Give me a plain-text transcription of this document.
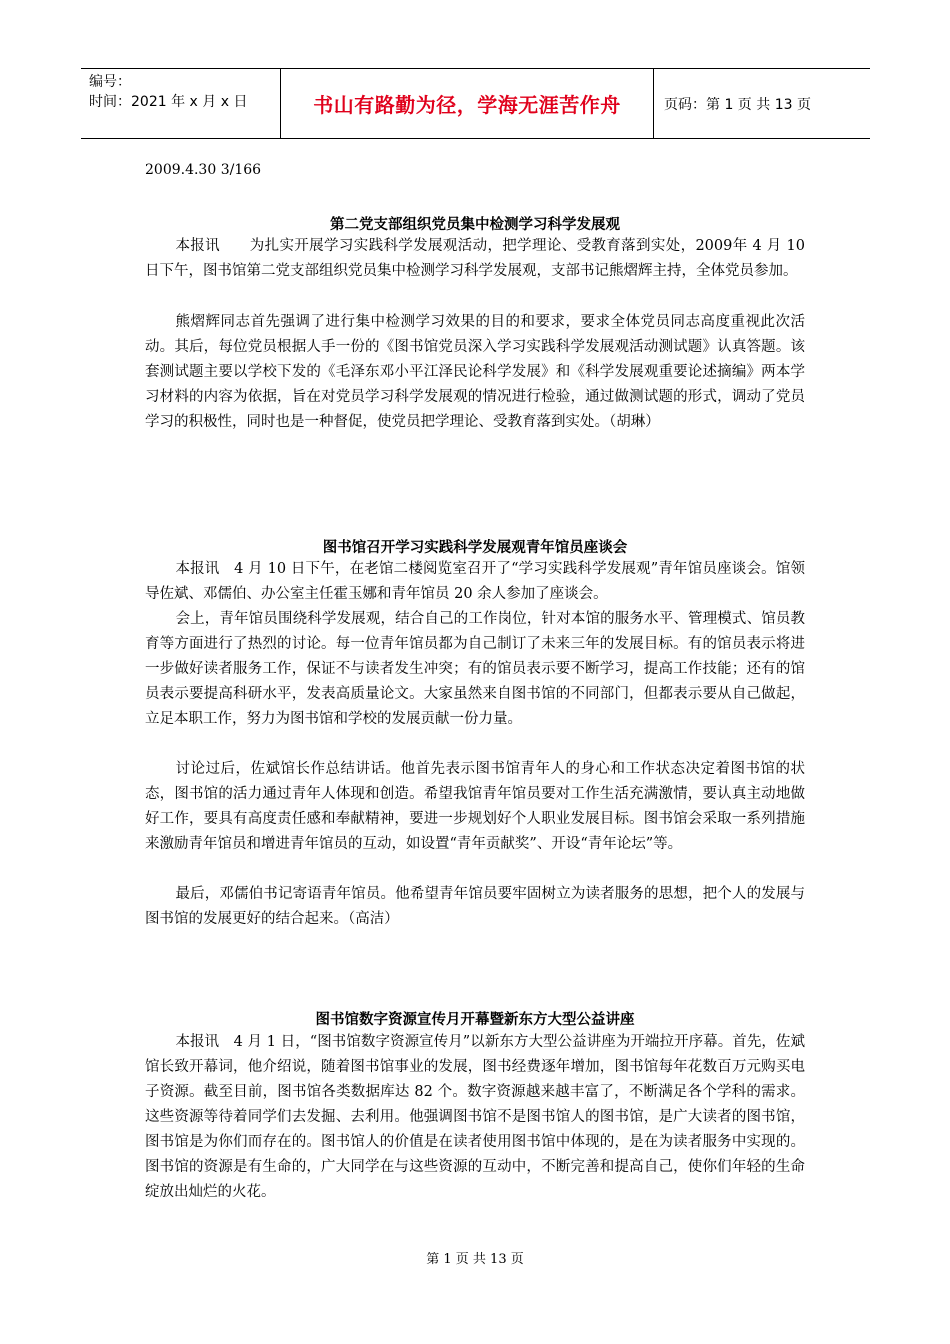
编号：
时间：2021 年 x 月 x 日	书山有路勤为径，学海无涯苦作舟	页码：第 1 页 共 13 页
2009.4.30 3/166
第二党支部组织党员集中检测学习科学发展观
本报讯　　为扎实开展学习实践科学发展观活动，把学理论、受教育落到实处，2009年 4 月 10 日下午，图书馆第二党支部组织党员集中检测学习科学发展观，支部书记熊熠辉主持，全体党员参加。
熊熠辉同志首先强调了进行集中检测学习效果的目的和要求，要求全体党员同志高度重视此次活动。其后，每位党员根据人手一份的《图书馆党员深入学习实践科学发展观活动测试题》认真答题。该套测试题主要以学校下发的《毛泽东邓小平江泽民论科学发展》和《科学发展观重要论述摘编》两本学习材料的内容为依据，旨在对党员学习科学发展观的情况进行检验，通过做测试题的形式，调动了党员学习的积极性，同时也是一种督促，使党员把学理论、受教育落到实处。（胡琳）
图书馆召开学习实践科学发展观青年馆员座谈会
本报讯　4 月 10 日下午，在老馆二楼阅览室召开了“学习实践科学发展观”青年馆员座谈会。馆领导佐斌、邓儒伯、办公室主任霍玉娜和青年馆员 20 余人参加了座谈会。
会上，青年馆员围绕科学发展观，结合自己的工作岗位，针对本馆的服务水平、管理模式、馆员教育等方面进行了热烈的讨论。每一位青年馆员都为自己制订了未来三年的发展目标。有的馆员表示将进一步做好读者服务工作，保证不与读者发生冲突；有的馆员表示要不断学习，提高工作技能；还有的馆员表示要提高科研水平，发表高质量论文。大家虽然来自图书馆的不同部门，但都表示要从自己做起，立足本职工作，努力为图书馆和学校的发展贡献一份力量。
讨论过后，佐斌馆长作总结讲话。他首先表示图书馆青年人的身心和工作状态决定着图书馆的状态，图书馆的活力通过青年人体现和创造。希望我馆青年馆员要对工作生活充满激情，要认真主动地做好工作，要具有高度责任感和奉献精神，要进一步规划好个人职业发展目标。图书馆会采取一系列措施来激励青年馆员和增进青年馆员的互动，如设置“青年贡献奖”、开设“青年论坛”等。
最后，邓儒伯书记寄语青年馆员。他希望青年馆员要牢固树立为读者服务的思想，把个人的发展与图书馆的发展更好的结合起来。（高洁）
图书馆数字资源宣传月开幕暨新东方大型公益讲座
本报讯　4 月 1 日，“图书馆数字资源宣传月”以新东方大型公益讲座为开端拉开序幕。首先，佐斌馆长致开幕词，他介绍说，随着图书馆事业的发展，图书经费逐年增加，图书馆每年花数百万元购买电子资源。截至目前，图书馆各类数据库达 82 个。数字资源越来越丰富了，不断满足各个学科的需求。这些资源等待着同学们去发掘、去利用。他强调图书馆不是图书馆人的图书馆，是广大读者的图书馆，图书馆是为你们而存在的。图书馆人的价值是在读者使用图书馆中体现的，是在为读者服务中实现的。图书馆的资源是有生命的，广大同学在与这些资源的互动中，不断完善和提高自己，使你们年轻的生命绽放出灿烂的火花。
第 1 页 共 13 页
